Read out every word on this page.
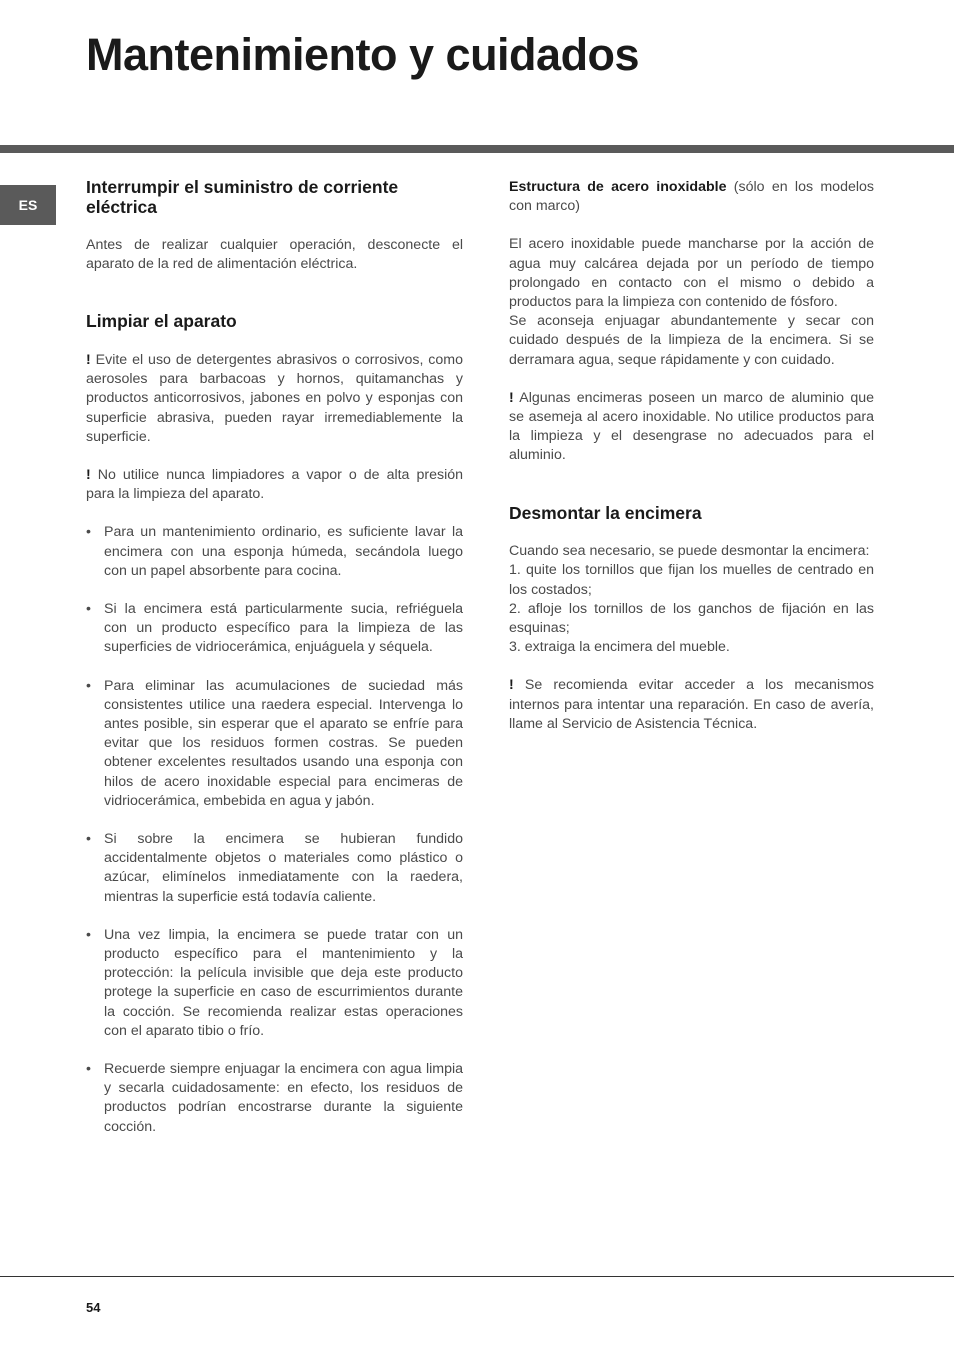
Mantenimiento y cuidados
ES
Interrumpir el suministro de corriente eléctrica

Antes de realizar cualquier operación, desconecte el aparato de la red de alimentación eléctrica.

Limpiar el aparato

! Evite el uso de detergentes abrasivos o corrosivos, como aerosoles para barbacoas y hornos, quitamanchas y productos anticorrosivos, jabones en polvo y esponjas con superficie abrasiva, pueden rayar irremediablemente la superficie.

! No utilice nunca limpiadores a vapor o de alta presión para la limpieza del aparato.

• Para un mantenimiento ordinario, es suficiente lavar la encimera con una esponja húmeda, secándola luego con un papel absorbente para cocina.
• Si la encimera está particularmente sucia, refriéguela con un producto específico para la limpieza de las superficies de vidriocerámica, enjuáguela y séquela.
• Para eliminar las acumulaciones de suciedad más consistentes utilice una raedera especial. Intervenga lo antes posible, sin esperar que el aparato se enfríe para evitar que los residuos formen costras. Se pueden obtener excelentes resultados usando una esponja con hilos de acero inoxidable especial para encimeras de vidriocerámica, embebida en agua y jabón.
• Si sobre la encimera se hubieran fundido accidentalmente objetos o materiales como plástico o azúcar, elimínelos inmediatamente con la raedera, mientras la superficie está todavía caliente.
• Una vez limpia, la encimera se puede tratar con un producto específico para el mantenimiento y la protección: la película invisible que deja este producto protege la superficie en caso de escurrimientos durante la cocción. Se recomienda realizar estas operaciones con el aparato tibio o frío.
• Recuerde siempre enjuagar la encimera con agua limpia y secarla cuidadosamente: en efecto, los residuos de productos podrían encostrarse durante la siguiente cocción.

Estructura de acero inoxidable (sólo en los modelos con marco)

El acero inoxidable puede mancharse por la acción de agua muy calcárea dejada por un período de tiempo prolongado en contacto con el mismo o debido a productos para la limpieza con contenido de fósforo.

Se aconseja enjuagar abundantemente y secar con cuidado después de la limpieza de la encimera. Si se derramara agua, seque rápidamente y con cuidado.

! Algunas encimeras poseen un marco de aluminio que se asemeja al acero inoxidable. No utilice productos para la limpieza y el desengrase no adecuados para el aluminio.

Desmontar la encimera

Cuando sea necesario, se puede desmontar la encimera:

1. quite los tornillos que fijan los muelles de centrado en los costados;

2. afloje los tornillos de los ganchos de fijación en las esquinas;

3. extraiga la encimera del mueble.

! Se recomienda evitar acceder a los mecanismos internos para intentar una reparación. En caso de avería, llame al Servicio de Asistencia Técnica.

54
